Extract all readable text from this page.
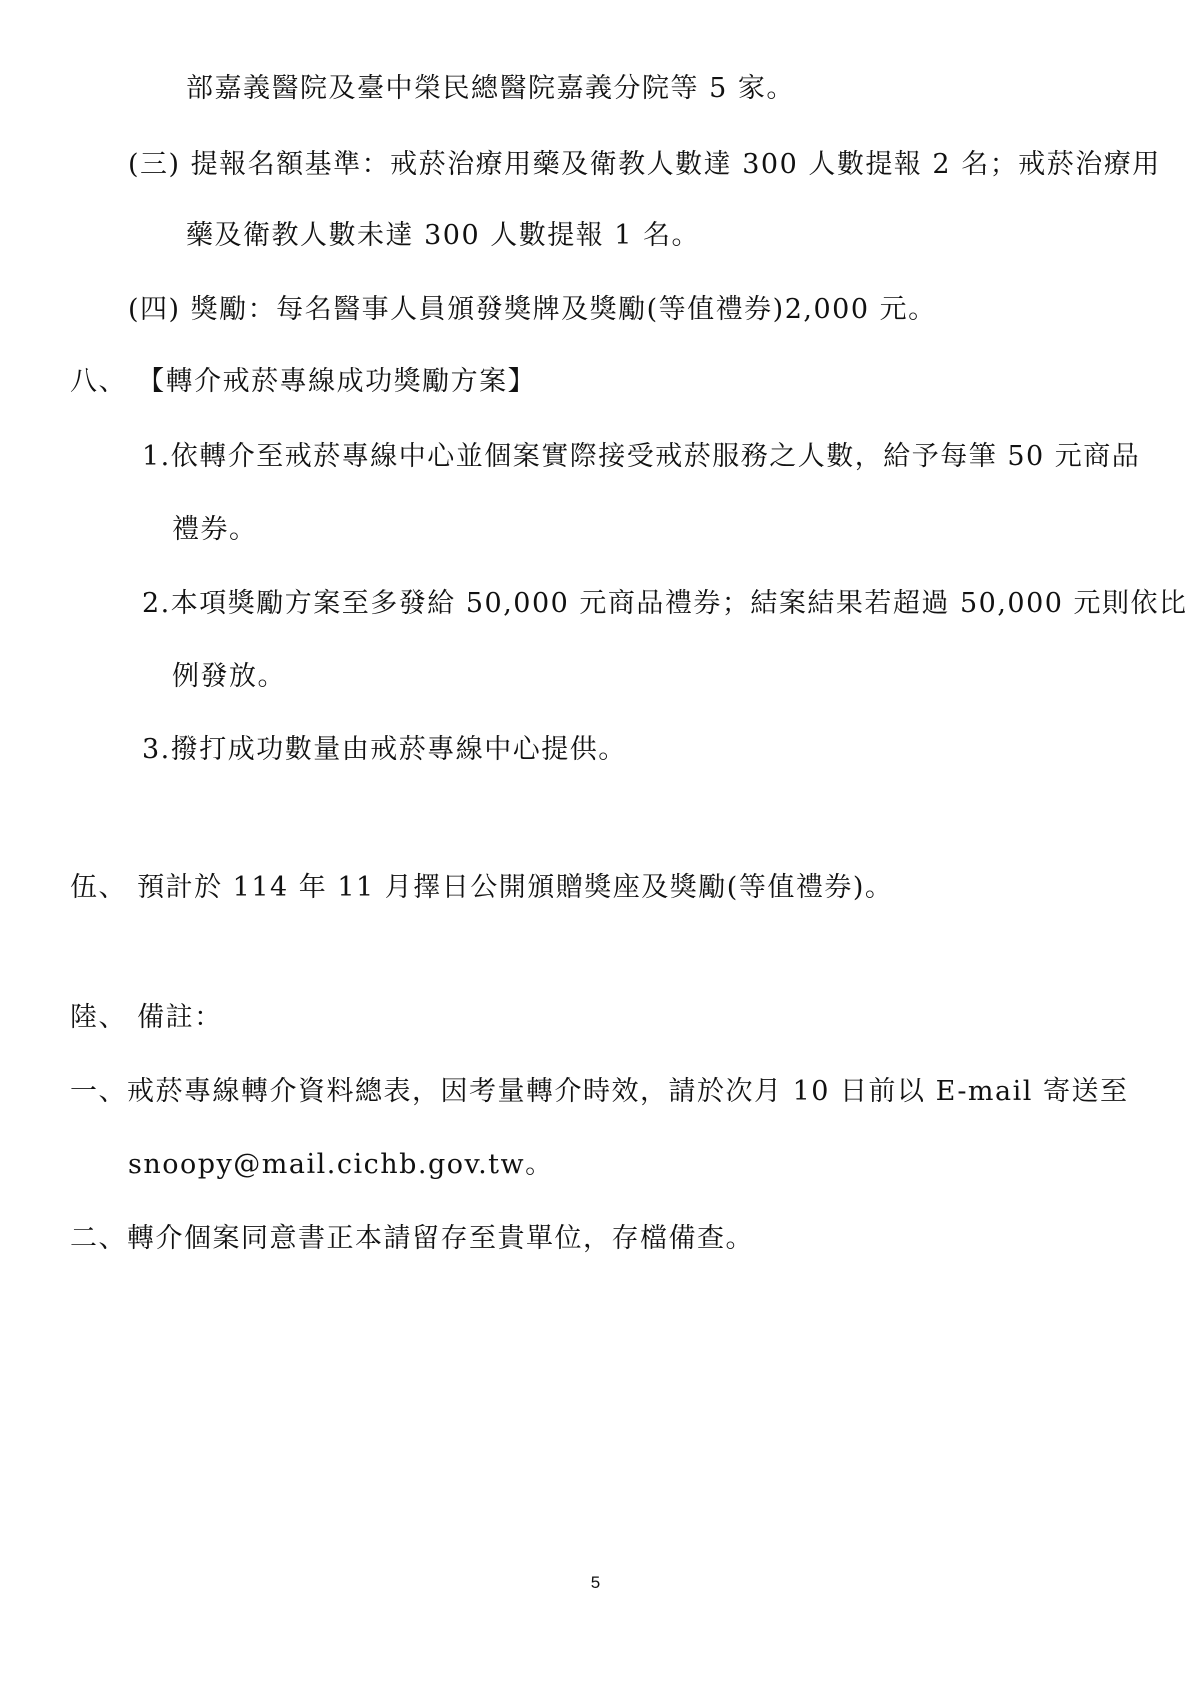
部嘉義醫院及臺中榮民總醫院嘉義分院等 5 家。
(三) 提報名額基準：戒菸治療用藥及衛教人數達 300 人數提報 2 名；戒菸治療用
藥及衛教人數未達 300 人數提報 1 名。
(四) 獎勵：每名醫事人員頒發獎牌及獎勵(等值禮券)2,000 元。
八、 【轉介戒菸專線成功獎勵方案】
1.依轉介至戒菸專線中心並個案實際接受戒菸服務之人數，給予每筆 50 元商品
禮券。
2.本項獎勵方案至多發給 50,000 元商品禮券；結案結果若超過 50,000 元則依比
例發放。
3.撥打成功數量由戒菸專線中心提供。
伍、 預計於 114 年 11 月擇日公開頒贈獎座及獎勵(等值禮券)。
陸、 備註：
一、戒菸專線轉介資料總表，因考量轉介時效，請於次月 10 日前以 E-mail 寄送至
snoopy@mail.cichb.gov.tw。
二、轉介個案同意書正本請留存至貴單位，存檔備查。
5
